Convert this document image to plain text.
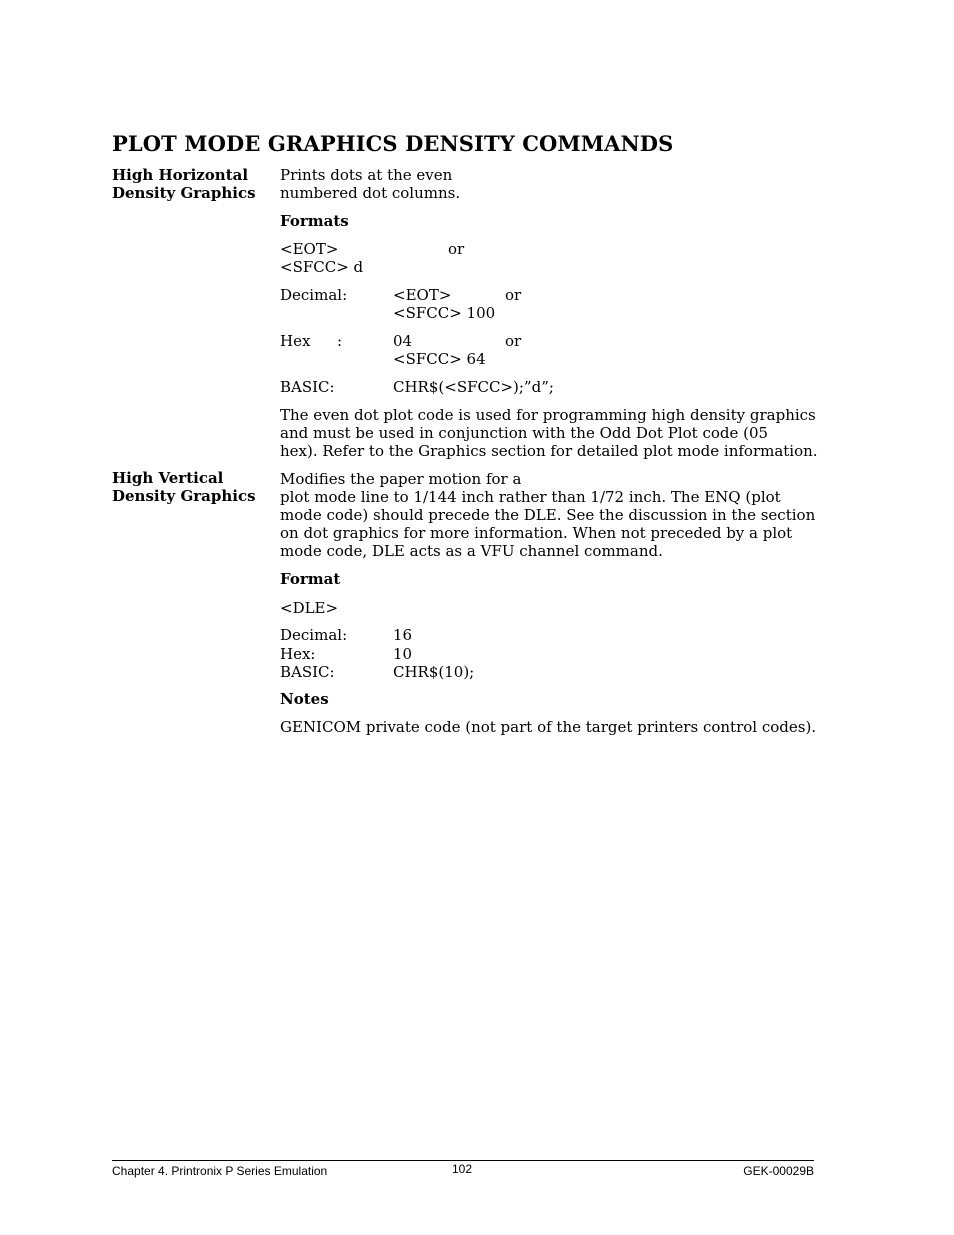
PLOT MODE GRAPHICS DENSITY COMMANDS
High Horizontal
Density Graphics
Prints dots at the even
numbered dot columns.
Formats
<EOT>	or
<SFCC> d
Decimal:	<EOT>	or
<SFCC> 100
Hex :	04	or
<SFCC> 64
BASIC:	CHR$(<SFCC>);”d”;
The even dot plot code is used for programming high density graphics
and must be used in conjunction with the Odd Dot Plot code (05
hex). Refer to the Graphics section for detailed plot mode information.
High Vertical
Density Graphics
Modifies the paper motion for a
plot mode line to 1/144 inch rather than 1/72 inch. The ENQ (plot
mode code) should precede the DLE. See the discussion in the section
on dot graphics for more information. When not preceded by a plot
mode code, DLE acts as a VFU channel command.
Format
<DLE>
Decimal:	16
Hex:	10
BASIC:	CHR$(10);
Notes
GENICOM private code (not part of the target printers control codes).
Chapter 4. Printronix P Series Emulation	102	GEK-00029B
